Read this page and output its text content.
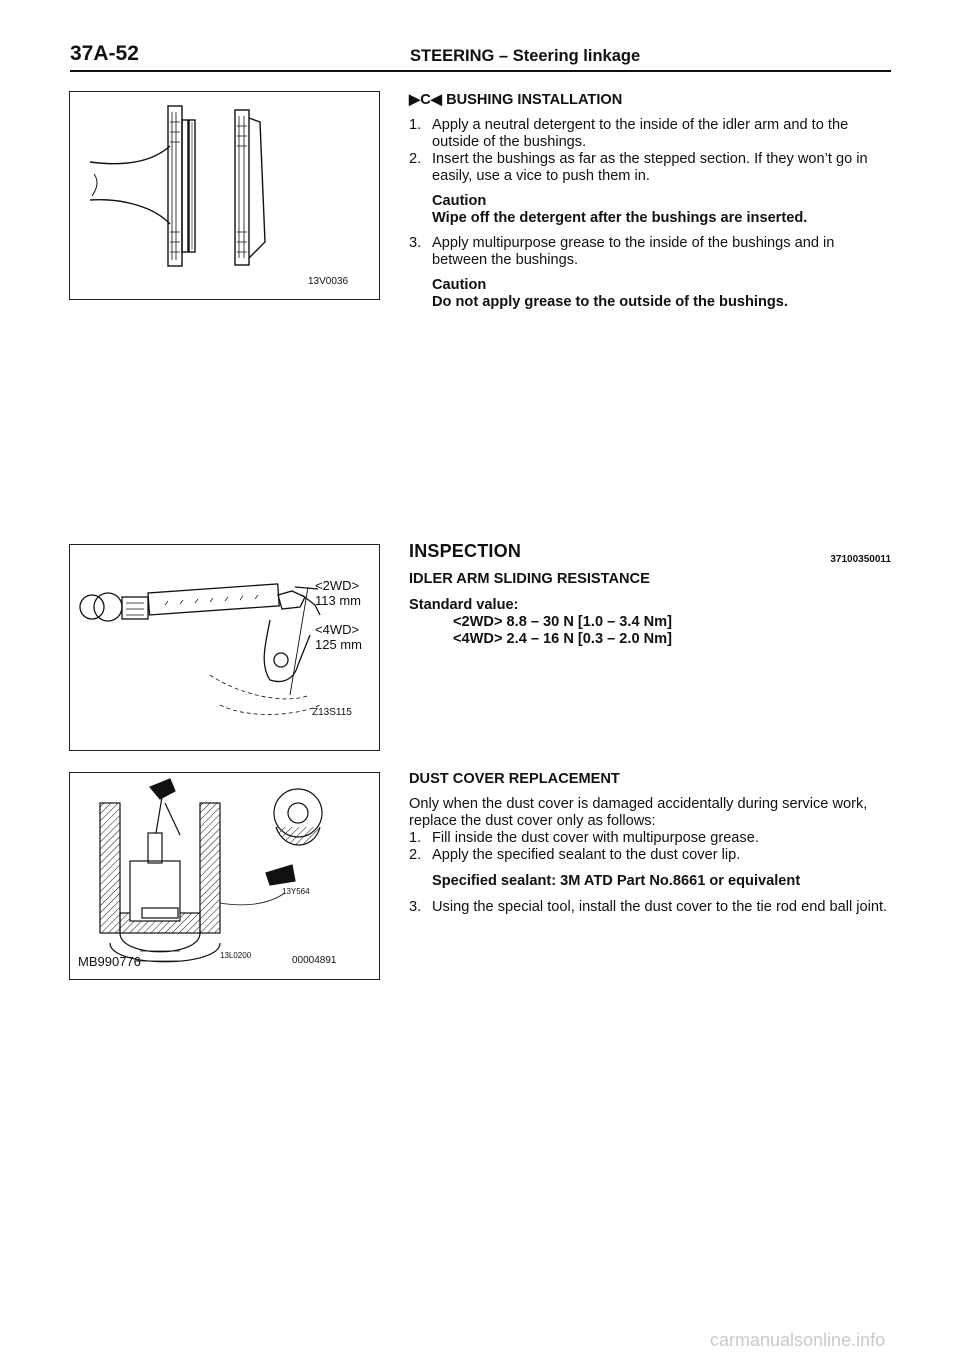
37A-52	STEERING – Steering linkage
13V0036
<2WD>
113 mm
<4WD>
125 mm
Z13S115
13Y564
13L0200	00004891
MB990776
▶C◀ BUSHING INSTALLATION

1. Apply a neutral detergent to the inside of the idler arm and to the outside of the bushings.

2. Insert the bushings as far as the stepped section. If they won’t go in easily, use a vice to push them in.

Caution
Wipe off the detergent after the bushings are inserted.

3. Apply multipurpose grease to the inside of the bushings and in between the bushings.

Caution
Do not apply grease to the outside of the bushings.
INSPECTION	37100350011
IDLER ARM SLIDING RESISTANCE
Standard value:
<2WD> 8.8 – 30 N [1.0 – 3.4 Nm]
<4WD> 2.4 – 16 N [0.3 – 2.0 Nm]
DUST COVER REPLACEMENT
Only when the dust cover is damaged accidentally during service work, replace the dust cover only as follows:

1. Fill inside the dust cover with multipurpose grease.

2. Apply the specified sealant to the dust cover lip.

Specified sealant: 3M ATD Part No.8661 or equivalent

3. Using the special tool, install the dust cover to the tie rod end ball joint.

carmanualsonline.info
